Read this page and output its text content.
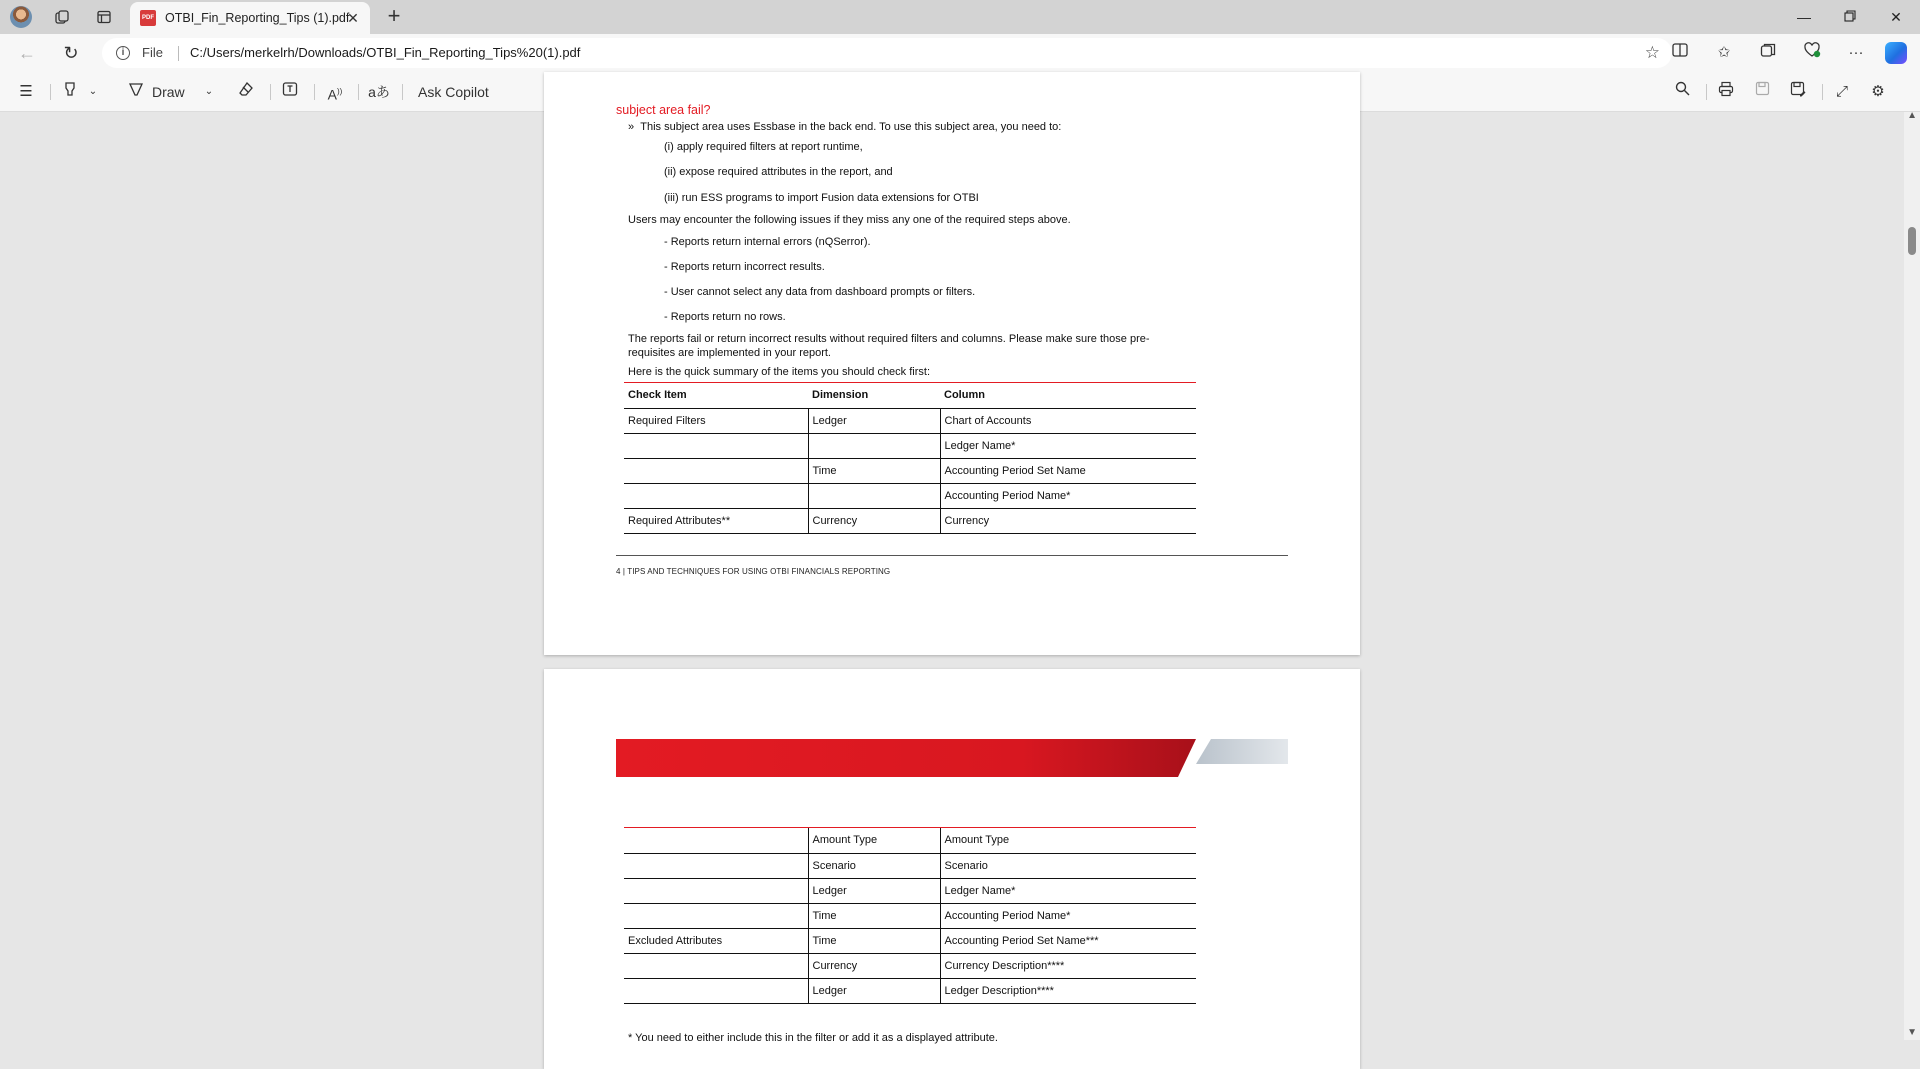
PDF OTBI_Fin_Reporting_Tips (1).pdf
✕ +	—	✕
←	↻	i	File C:/Users/merkelrh/Downloads/OTBI_Fin_Reporting_Tips%20(1).pdf	☆	✩	···
☰	⌄	Draw	⌄	A))	aあ Ask Copilot
5	⤢	⚙
subject area fail?
»  This subject area uses Essbase in the back end. To use this subject area, you need to:
(i) apply required filters at report runtime,
(ii) expose required attributes in the report, and
(iii) run ESS programs to import Fusion data extensions for OTBI
Users may encounter the following issues if they miss any one of the required steps above.
- Reports return internal errors (nQSerror).
- Reports return incorrect results.
- User cannot select any data from dashboard prompts or filters.
- Reports return no rows.
The reports fail or return incorrect results without required filters and columns. Please make sure those pre-
requisites are implemented in your report.
Here is the quick summary of the items you should check first:
Check Item	Dimension	Column
Required Filters	Ledger	Chart of Accounts
		Ledger Name*
	Time	Accounting Period Set Name
		Accounting Period Name*
Required Attributes**	Currency	Currency
4 | TIPS AND TECHNIQUES FOR USING OTBI FINANCIALS REPORTING
	Amount Type	Amount Type
	Scenario	Scenario
	Ledger	Ledger Name*
	Time	Accounting Period Name*
Excluded Attributes	Time	Accounting Period Set Name***
	Currency	Currency Description****
	Ledger	Ledger Description****
* You need to either include this in the filter or add it as a displayed attribute.
▲
▼
